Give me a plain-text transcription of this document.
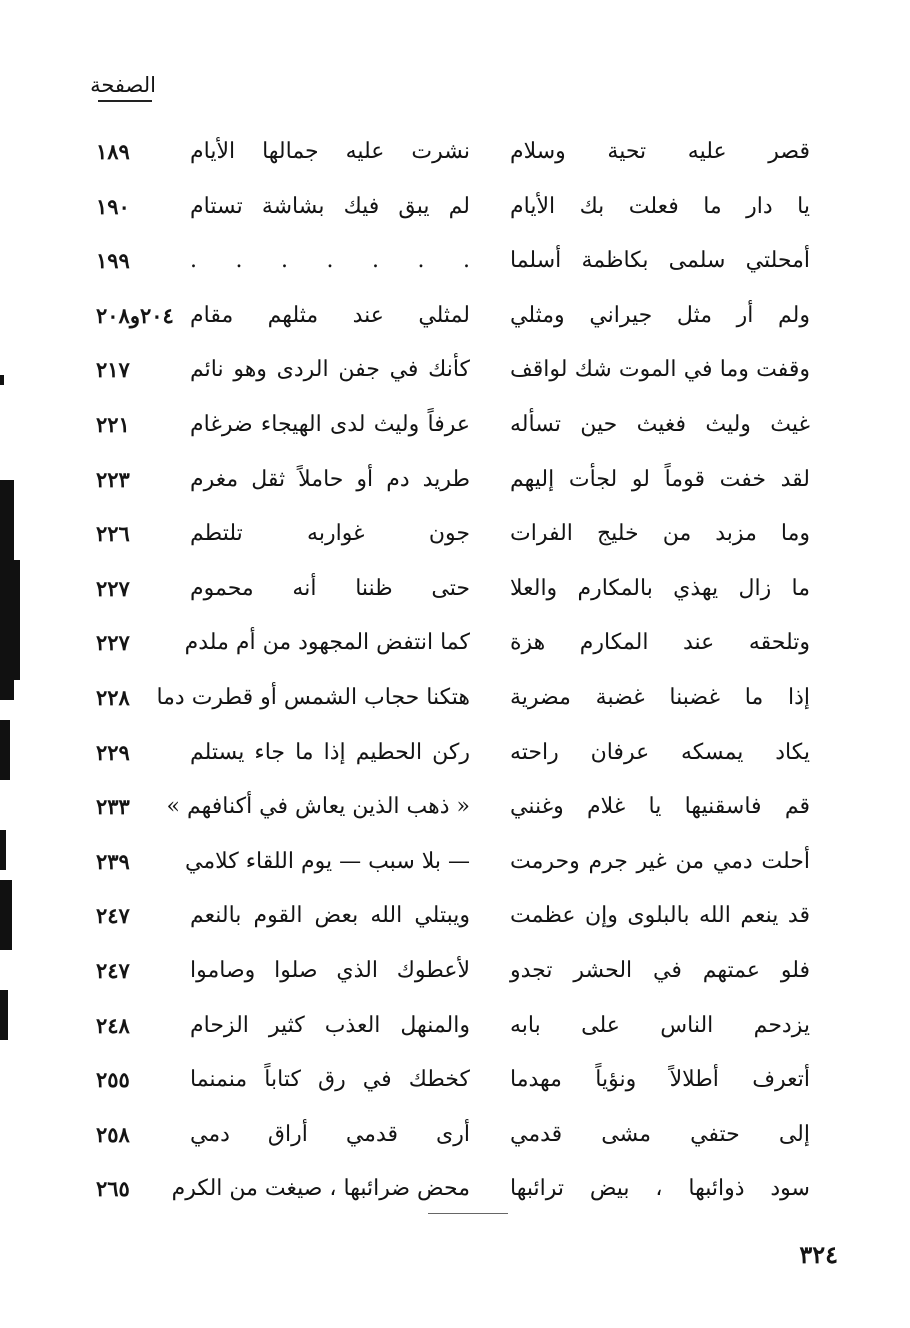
الصفحة
قصر عليه تحية وسلام
نشرت عليه جمالها الأيام
١٨٩
يا دار ما فعلت بك الأيام
لم يبق فيك بشاشة تستام
١٩٠
أمحلتي سلمى بكاظمة أسلما
. . . . . . .
١٩٩
ولم أر مثل جيراني ومثلي
لمثلي عند مثلهم مقام
٢٠٤و٢٠٨
وقفت وما في الموت شك لواقف
كأنك في جفن الردى وهو نائم
٢١٧
غيث وليث فغيث حين تسأله
عرفاً وليث لدى الهيجاء ضرغام
٢٢١
لقد خفت قوماً لو لجأت إليهم
طريد دم أو حاملاً ثقل مغرم
٢٢٣
وما مزبد من خليج الفرات
جون غواربه تلتطم
٢٢٦
ما زال يهذي بالمكارم والعلا
حتى ظننا أنه محموم
٢٢٧
وتلحقه عند المكارم هزة
كما انتفض المجهود من أم ملدم
٢٢٧
إذا ما غضبنا غضبة مضرية
هتكنا حجاب الشمس أو قطرت دما
٢٢٨
يكاد يمسكه عرفان راحته
ركن الحطيم إذا ما جاء يستلم
٢٢٩
قم فاسقنيها يا غلام وغنني
« ذهب الذين يعاش في أكنافهم »
٢٣٣
أحلت دمي من غير جرم وحرمت
— بلا سبب — يوم اللقاء كلامي
٢٣٩
قد ينعم الله بالبلوى وإن عظمت
ويبتلي الله بعض القوم بالنعم
٢٤٧
فلو عمتهم في الحشر تجدو
لأعطوك الذي صلوا وصاموا
٢٤٧
يزدحم الناس على بابه
والمنهل العذب كثير الزحام
٢٤٨
أتعرف أطلالاً ونؤياً مهدما
كخطك في رق كتاباً منمنما
٢٥٥
إلى حتفي مشى قدمي
أرى قدمي أراق دمي
٢٥٨
سود ذوائبها ، بيض ترائبها
محض ضرائبها ، صيغت من الكرم
٢٦٥
٣٢٤
